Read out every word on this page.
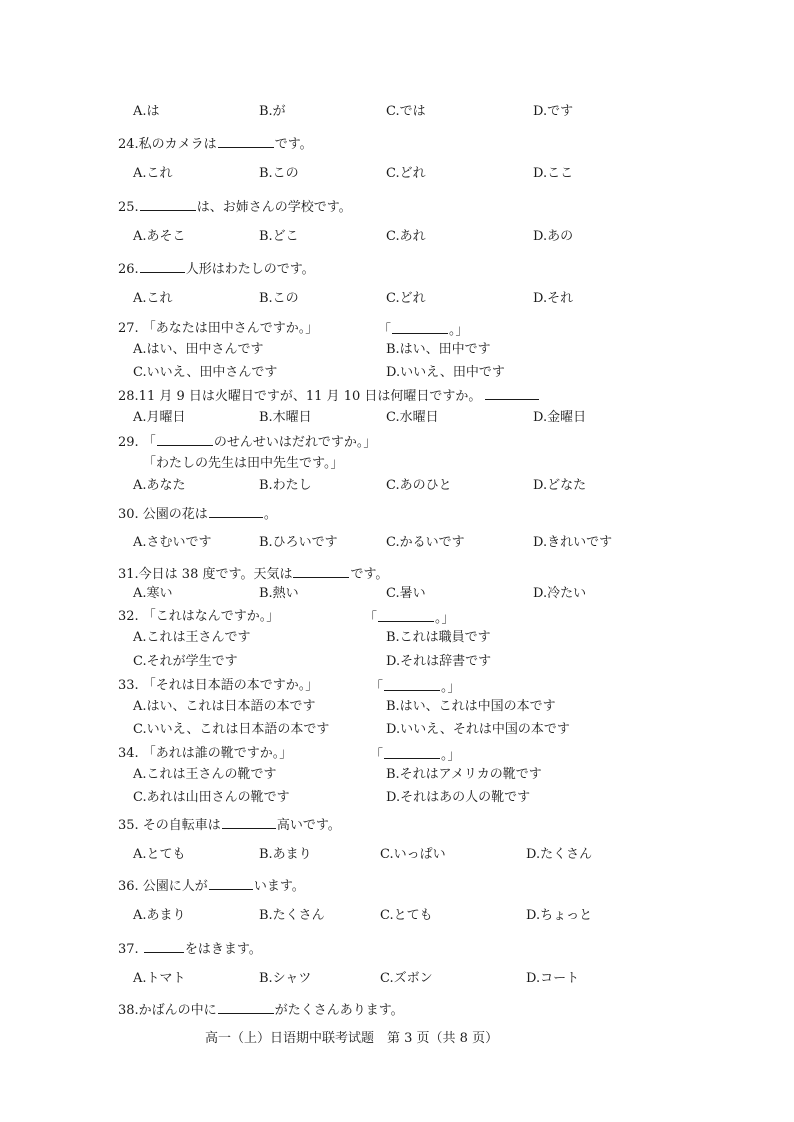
A.は	B.が	C.では	D.です
24.私のカメラは	です。
A.これ	B.この	C.どれ	D.ここ
25.	は、お姉さんの学校です。
A.あそこ	B.どこ	C.あれ	D.あの
26.	人形はわたしのです。
A.これ	B.この	C.どれ	D.それ
27. 「あなたは田中さんですか。」	「	。」
A.はい、田中さんです	B.はい、田中です
C.いいえ、田中さんです	D.いいえ、田中です
28.11 月 9 日は火曜日ですが、11 月 10 日は何曜日ですか。
A.月曜日	B.木曜日	C.水曜日	D.金曜日
29. 「	のせんせいはだれですか。」
「わたしの先生は田中先生です。」
A.あなた	B.わたし	C.あのひと	D.どなた
30. 公園の花は	。
A.さむいです	B.ひろいです	C.かるいです	D.きれいです
31.今日は 38 度です。天気は	です。
A.寒い	B.熱い	C.暑い	D.冷たい
32. 「これはなんですか。」	「	。」
A.これは王さんです	B.これは職員です
C.それが学生です	D.それは辞書です
33. 「それは日本語の本ですか。」	「	。」
A.はい、これは日本語の本です	B.はい、これは中国の本です
C.いいえ、これは日本語の本です	D.いいえ、それは中国の本です
34. 「あれは誰の靴ですか。」	「	。」
A.これは王さんの靴です	B.それはアメリカの靴です
C.あれは山田さんの靴です	D.それはあの人の靴です
35. その自転車は	高いです。
A.とても	B.あまり	C.いっぱい	D.たくさん
36. 公園に人が	います。
A.あまり	B.たくさん	C.とても	D.ちょっと
37.	をはきます。
A.トマト	B.シャツ	C.ズボン	D.コート
38.かばんの中に	がたくさんあります。
高一（上）日语期中联考试题　第 3 页（共 8 页）
